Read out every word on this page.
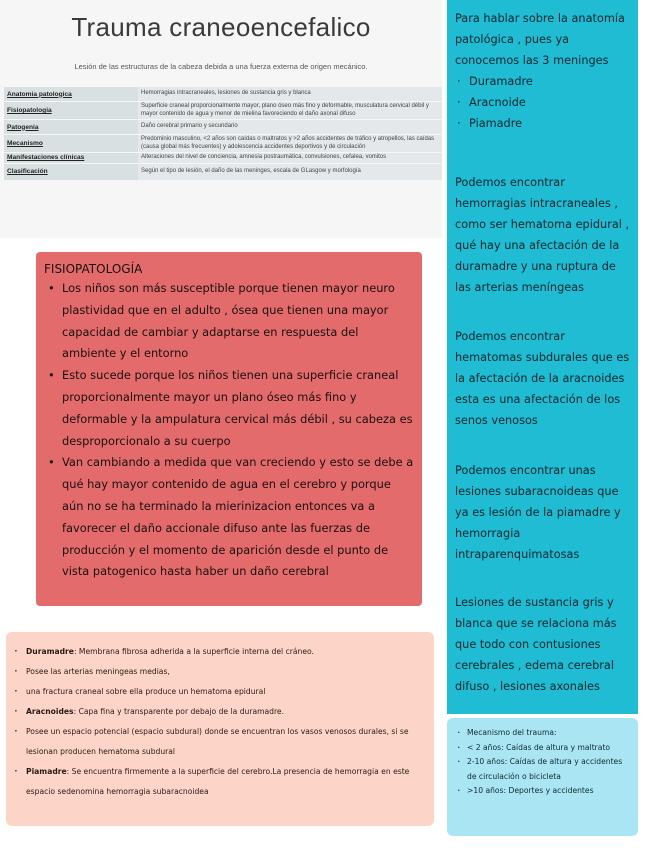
Trauma craneoencefalico
Lesión de las estructuras de la cabeza debida a una fuerza externa de origen mecánico.
Anatomia patologica	Hemorragias intracraneales, lesiones de sustancia gris y blanca
Fisiopatologia	Superficie craneal proporcionalmente mayor, plano óseo más fino y deformable, musculatura cervical débil y mayor contenido de agua y menor de mielina favoreciendo el daño axonal difuso
Patogenia	Daño cerebral primario y secundario
Mecanismo	Predominio masculino, <2 años son caídas o maltratos y >2 años accidentes de tráfico y atropellos, las caídas (causa global más frecuentes) y adolescencia accidentes deportivos y de circulación
Manifestaciones clínicas	Alteraciones del nivel de conciencia, amnesia postraumática, convulsiones, cefalea, vomitos
Clasificación	Según el tipo de lesión, el daño de las meninges, escala de GLasgow y morfología
FISIOPATOLOGÍA
• Los niños son más susceptible porque tienen mayor neuro plastividad que en el adulto , ósea que tienen una mayor capacidad de cambiar y adaptarse en respuesta del ambiente y el entorno
• Esto sucede porque los niños tienen una superficie craneal proporcionalmente mayor un plano óseo más fino y deformable y la ampulatura cervical más débil , su cabeza es desproporcionalo a su cuerpo
• Van cambiando a medida que van creciendo y esto se debe a qué hay mayor contenido de agua en el cerebro y porque aún no se ha terminado la mierinizacion entonces va a favorecer el daño accionale difuso ante las fuerzas de producción y el momento de aparición desde el punto de vista patogenico hasta haber un daño cerebral
· Duramadre: Membrana fibrosa adherida a la superficie interna del cráneo.
· Posee las arterias meningeas medias,
· una fractura craneal sobre ella produce un hematoma epidural
· Aracnoides: Capa fina y transparente por debajo de la duramadre.
· Posee un espacio potencial (espacio subdural) donde se encuentran los vasos venosos durales, si se lesionan producen hematoma subdural
· Piamadre: Se encuentra firmemente a la superficie del cerebro.La presencia de hemorragia en este espacio sedenomina hemorragia subaracnoidea

Para hablar sobre la anatomía patológica , pues ya conocemos las 3 meninges

· Duramadre
· Aracnoide
· Piamadre

Podemos encontrar hemorragias intracraneales , como ser hematoma epidural , qué hay una afectación de la duramadre y una ruptura de las arterias meníngeas

Podemos encontrar hematomas subdurales que es la afectación de la aracnoides esta es una afectación de los senos venosos

Podemos encontrar unas lesiones subaracnoideas que ya es lesión de la piamadre y hemorragia intraparenquimatosas

Lesiones de sustancia gris y blanca que se relaciona más que todo con contusiones cerebrales , edema cerebral difuso , lesiones axonales

· Mecanismo del trauma:
· < 2 años: Caídas de altura y maltrato
· 2-10 años: Caídas de altura y accidentes de circulación o bicicleta
· >10 años: Deportes y accidentes
